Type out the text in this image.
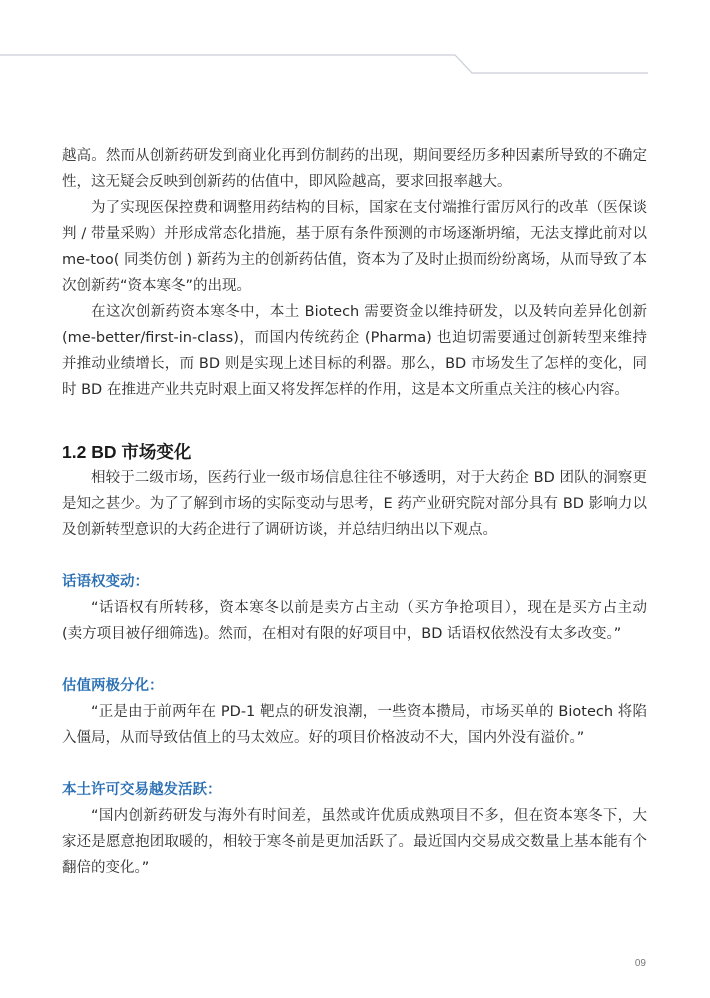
越高。然而从创新药研发到商业化再到仿制药的出现，期间要经历多种因素所导致的不确定性，这无疑会反映到创新药的估值中，即风险越高，要求回报率越大。

为了实现医保控费和调整用药结构的目标，国家在支付端推行雷厉风行的改革（医保谈判 / 带量采购）并形成常态化措施，基于原有条件预测的市场逐渐坍缩，无法支撑此前对以 me-too( 同类仿创 ) 新药为主的创新药估值，资本为了及时止损而纷纷离场，从而导致了本次创新药“资本寒冬”的出现。

在这次创新药资本寒冬中，本土 Biotech 需要资金以维持研发，以及转向差异化创新 (me-better/first-in-class)，而国内传统药企 (Pharma) 也迫切需要通过创新转型来维持并推动业绩增长，而 BD 则是实现上述目标的利器。那么，BD 市场发生了怎样的变化，同时 BD 在推进产业共克时艰上面又将发挥怎样的作用，这是本文所重点关注的核心内容。

1.2 BD 市场变化

相较于二级市场，医药行业一级市场信息往往不够透明，对于大药企 BD 团队的洞察更是知之甚少。为了了解到市场的实际变动与思考，E 药产业研究院对部分具有 BD 影响力以及创新转型意识的大药企进行了调研访谈，并总结归纳出以下观点。

话语权变动：

“话语权有所转移，资本寒冬以前是卖方占主动（买方争抢项目），现在是买方占主动(卖方项目被仔细筛选)。然而，在相对有限的好项目中，BD 话语权依然没有太多改变。”

估值两极分化：

“正是由于前两年在 PD-1 靶点的研发浪潮，一些资本攒局，市场买单的 Biotech 将陷入僵局，从而导致估值上的马太效应。好的项目价格波动不大，国内外没有溢价。”

本土许可交易越发活跃：

“国内创新药研发与海外有时间差，虽然或许优质成熟项目不多，但在资本寒冬下，大家还是愿意抱团取暖的，相较于寒冬前是更加活跃了。最近国内交易成交数量上基本能有个翻倍的变化。”

09
